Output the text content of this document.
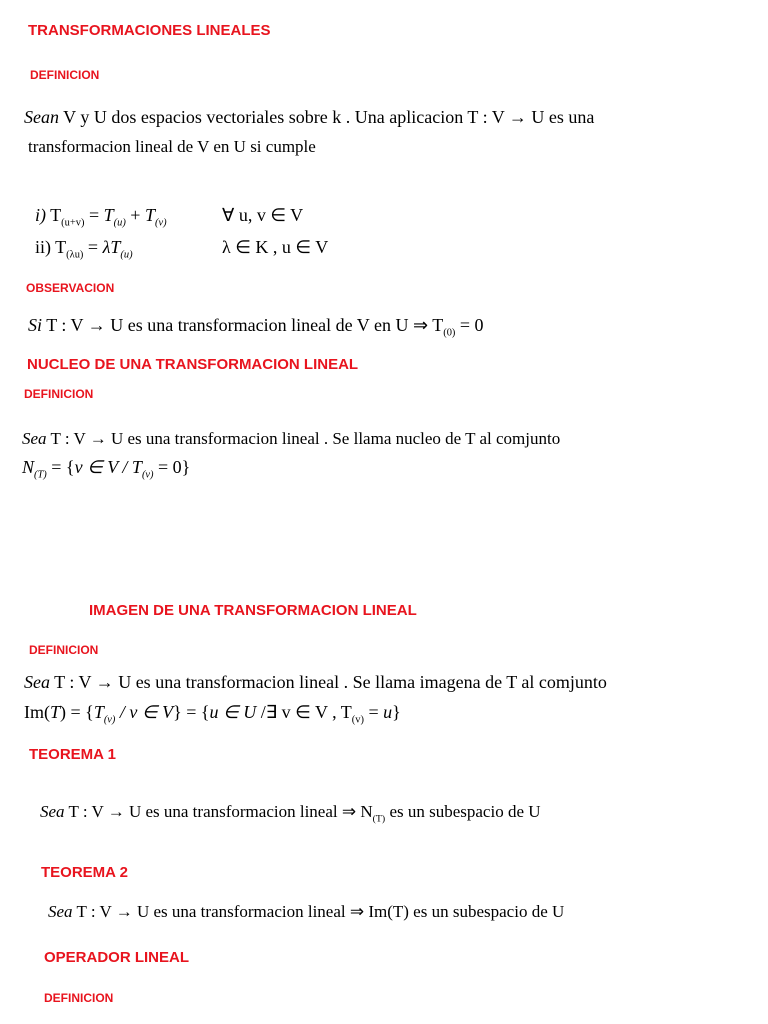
TRANSFORMACIONES LINEALES
DEFINICION
Sean V y U dos espacios vectoriales sobre k . Una aplicacion T : V → U es una
transformacion lineal de V en U si cumple
i) $T_{(u+v)} = T_{(u)} + T_{(v)}$	∀ u, v ∈ V
ii) $T_{(\lambda u)} = \lambda T_{(u)}$	λ ∈ K , u ∈ V
OBSERVACION
Si T : V → U es una transformacion lineal de V en U ⇒ $T_{(0)} = 0$
NUCLEO DE UNA TRANSFORMACION LINEAL
DEFINICION
Sea T : V → U es una transformacion lineal . Se llama nucleo de T al comjunto
$N_{(T)} = \{v$ ∈ $V / T_{(v)} = 0$}
IMAGEN DE UNA TRANSFORMACION LINEAL
DEFINICION
Sea T : V → U es una transformacion lineal . Se llama imagena de T al comjunto
$Im(T) = \{T_{(v)} / v$ ∈ V} = {u ∈ U /∃ v ∈ V , $T_{(v)} = u$}
TEOREMA 1
Sea T : V → U es una transformacion lineal ⇒ $N_{(T)}$ es un subespacio de U
TEOREMA 2
Sea T : V → U es una transformacion lineal ⇒ Im(T) es un subespacio de U
OPERADOR LINEAL
DEFINICION
